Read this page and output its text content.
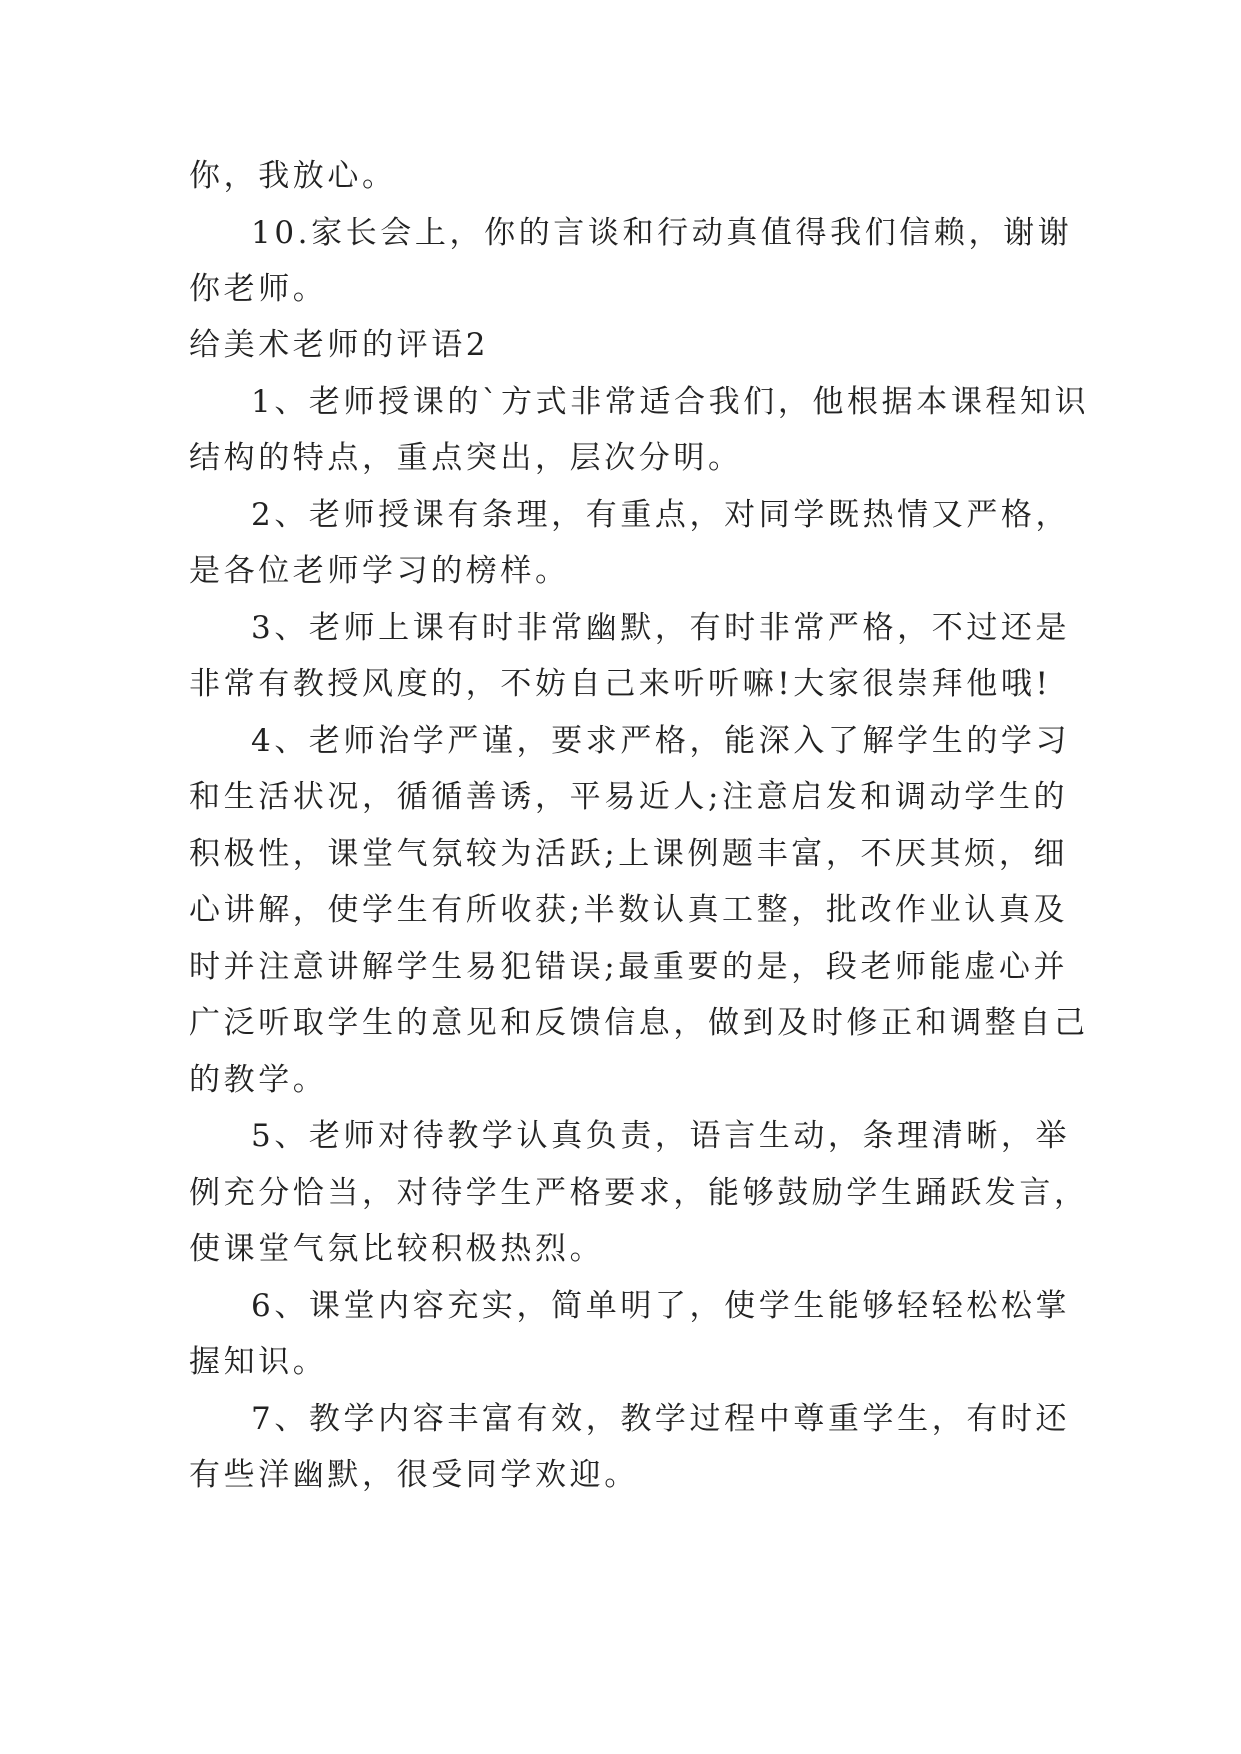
你，我放心。
10.家长会上，你的言谈和行动真值得我们信赖，谢谢
你老师。
给美术老师的评语2
1、老师授课的`方式非常适合我们，他根据本课程知识
结构的特点，重点突出，层次分明。
2、老师授课有条理，有重点，对同学既热情又严格，
是各位老师学习的榜样。
3、老师上课有时非常幽默，有时非常严格，不过还是
非常有教授风度的，不妨自己来听听嘛!大家很崇拜他哦!
4、老师治学严谨，要求严格，能深入了解学生的学习
和生活状况，循循善诱，平易近人;注意启发和调动学生的
积极性，课堂气氛较为活跃;上课例题丰富，不厌其烦，细
心讲解，使学生有所收获;半数认真工整，批改作业认真及
时并注意讲解学生易犯错误;最重要的是，段老师能虚心并
广泛听取学生的意见和反馈信息，做到及时修正和调整自己
的教学。
5、老师对待教学认真负责，语言生动，条理清晰，举
例充分恰当，对待学生严格要求，能够鼓励学生踊跃发言，
使课堂气氛比较积极热烈。
6、课堂内容充实，简单明了，使学生能够轻轻松松掌
握知识。
7、教学内容丰富有效，教学过程中尊重学生，有时还
有些洋幽默，很受同学欢迎。
